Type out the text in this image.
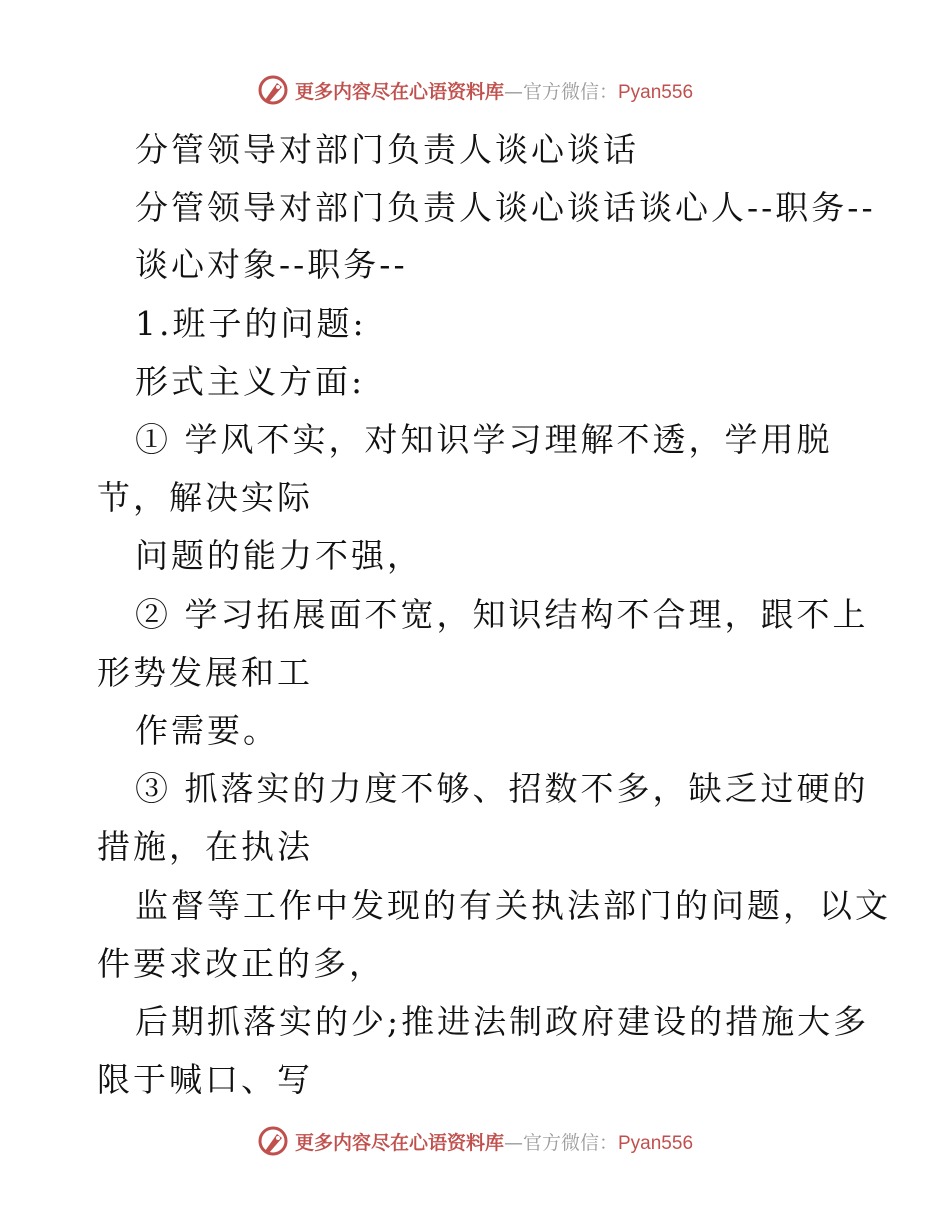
更多内容尽在心语资料库—官方微信：Pyan556
分管领导对部门负责人谈心谈话
分管领导对部门负责人谈心谈话谈心人--职务--
谈心对象--职务--
1.班子的问题:
形式主义方面:
① 学风不实，对知识学习理解不透，学用脱
节，解决实际
问题的能力不强，
② 学习拓展面不宽，知识结构不合理，跟不上
形势发展和工
作需要。
③ 抓落实的力度不够、招数不多，缺乏过硬的
措施，在执法
监督等工作中发现的有关执法部门的问题，以文
件要求改正的多，
后期抓落实的少;推进法制政府建设的措施大多
限于喊口、写
更多内容尽在心语资料库—官方微信：Pyan556
